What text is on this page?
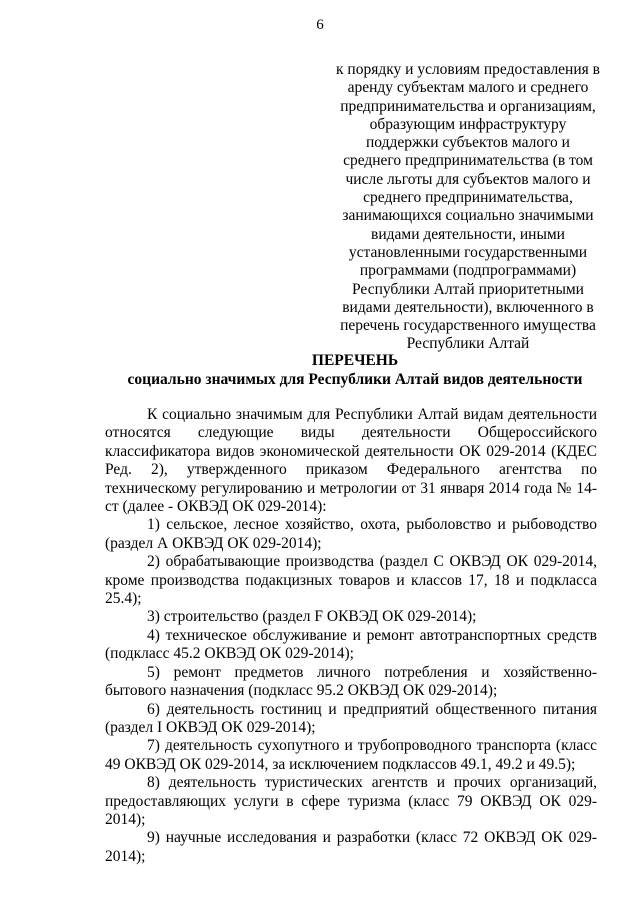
6
к порядку и условиям предоставления в
аренду субъектам малого и среднего
предпринимательства и организациям,
образующим инфраструктуру
поддержки субъектов малого и
среднего предпринимательства (в том
числе льготы для субъектов малого и
среднего предпринимательства,
занимающихся социально значимыми
видами деятельности, иными
установленными государственными
программами (подпрограммами)
Республики Алтай приоритетными
видами деятельности), включенного в
перечень государственного имущества
Республики Алтай
ПЕРЕЧЕНЬ
социально значимых для Республики Алтай видов деятельности

К социально значимым для Республики Алтай видам деятельности относятся следующие виды деятельности Общероссийского классификатора видов экономической деятельности ОК 029-2014 (КДЕС Ред. 2), утвержденного приказом Федерального агентства по техническому регулированию и метрологии от 31 января 2014 года № 14-ст (далее - ОКВЭД ОК 029-2014):

1) сельское, лесное хозяйство, охота, рыболовство и рыбоводство (раздел А ОКВЭД ОК 029-2014);

2) обрабатывающие производства (раздел С ОКВЭД ОК 029-2014, кроме производства подакцизных товаров и классов 17, 18 и подкласса 25.4);

3) строительство (раздел F ОКВЭД ОК 029-2014);

4) техническое обслуживание и ремонт автотранспортных средств (подкласс 45.2 ОКВЭД ОК 029-2014);

5) ремонт предметов личного потребления и хозяйственно-бытового назначения (подкласс 95.2 ОКВЭД ОК 029-2014);

6) деятельность гостиниц и предприятий общественного питания (раздел I ОКВЭД ОК 029-2014);

7) деятельность сухопутного и трубопроводного транспорта (класс 49 ОКВЭД ОК 029-2014, за исключением подклассов 49.1, 49.2 и 49.5);

8) деятельность туристических агентств и прочих организаций, предоставляющих услуги в сфере туризма (класс 79 ОКВЭД ОК 029-2014);

9) научные исследования и разработки (класс 72 ОКВЭД ОК 029-2014);
